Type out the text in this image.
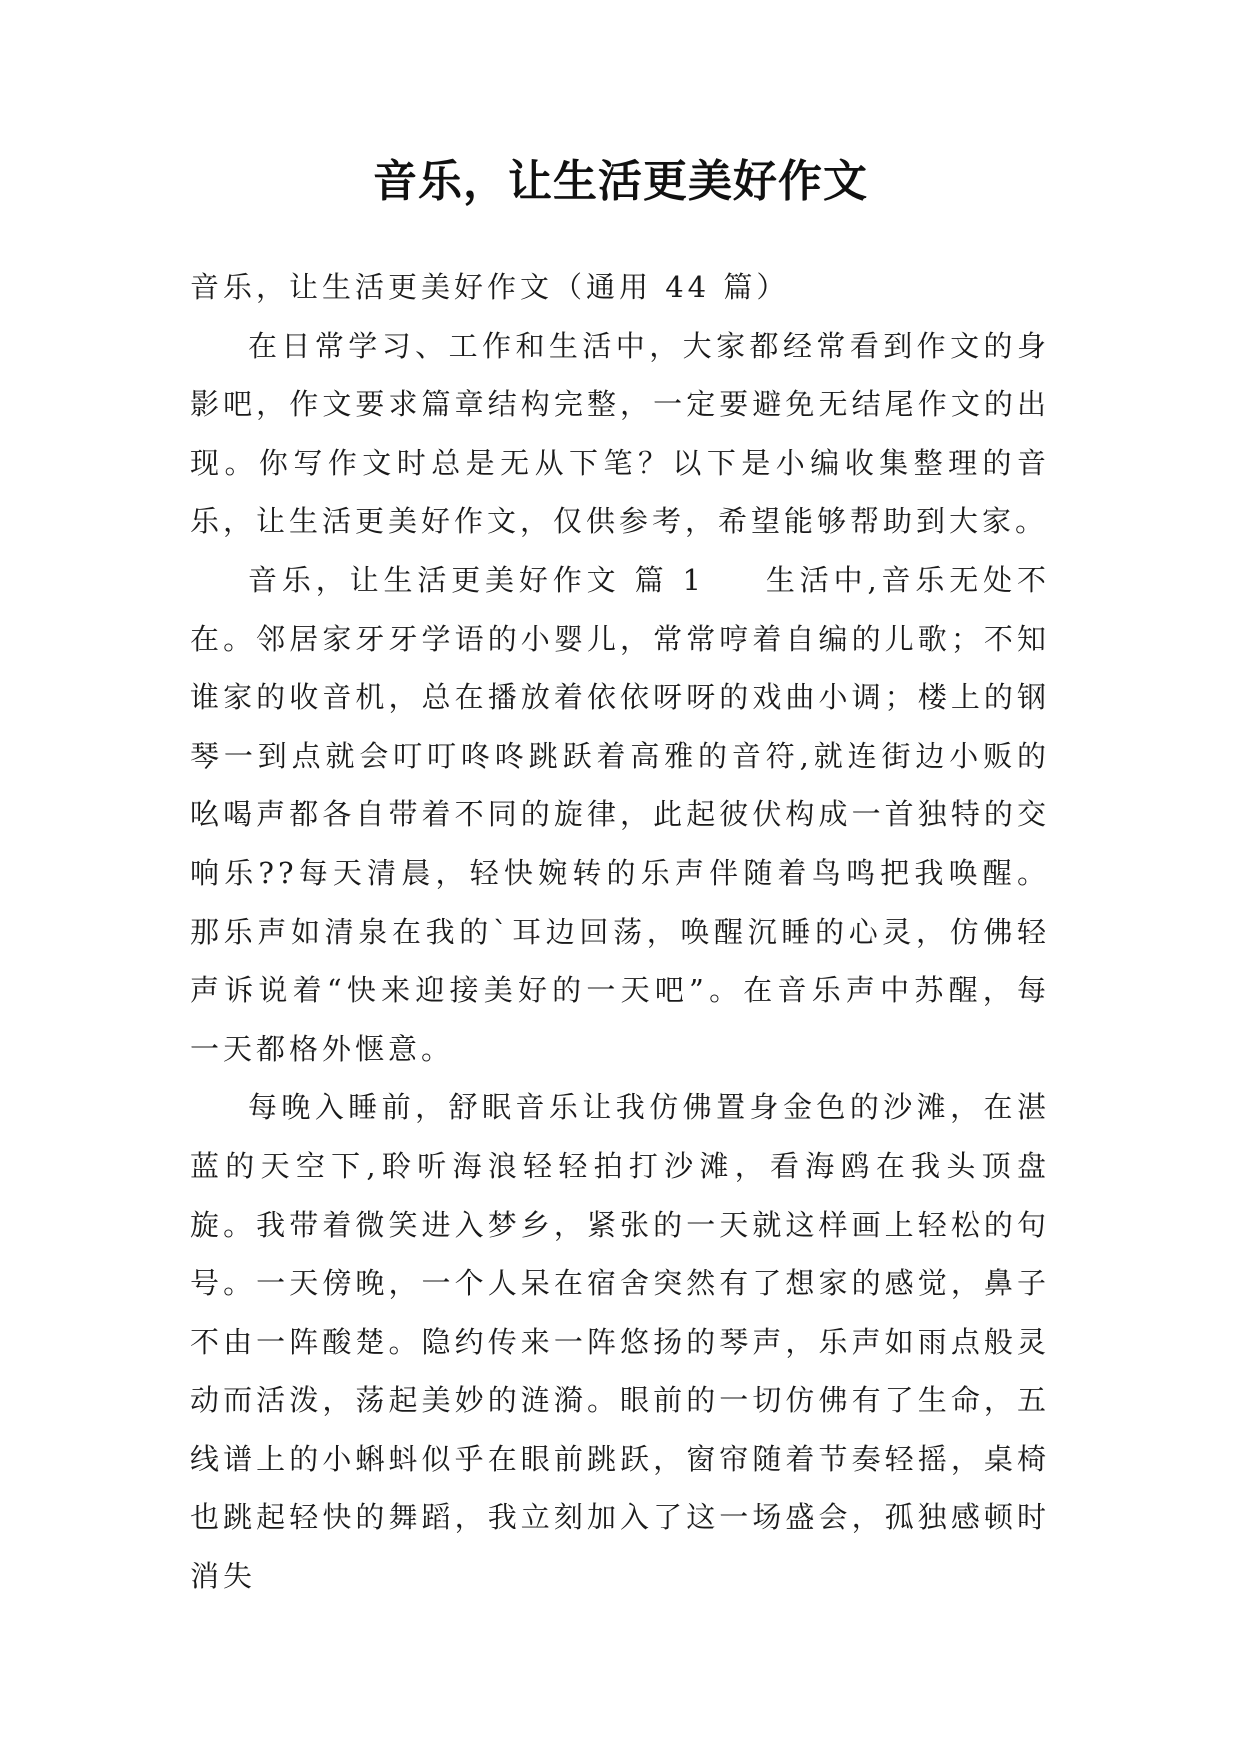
音乐，让生活更美好作文

音乐，让生活更美好作文（通用 44 篇）

在日常学习、工作和生活中，大家都经常看到作文的身影吧，作文要求篇章结构完整，一定要避免无结尾作文的出现。你写作文时总是无从下笔？以下是小编收集整理的音乐，让生活更美好作文，仅供参考，希望能够帮助到大家。

音乐，让生活更美好作文 篇 1 生活中,音乐无处不在。邻居家牙牙学语的小婴儿，常常哼着自编的儿歌；不知谁家的收音机，总在播放着依依呀呀的戏曲小调；楼上的钢琴一到点就会叮叮咚咚跳跃着高雅的音符,就连街边小贩的吆喝声都各自带着不同的旋律，此起彼伏构成一首独特的交响乐??每天清晨，轻快婉转的乐声伴随着鸟鸣把我唤醒。那乐声如清泉在我的`耳边回荡，唤醒沉睡的心灵，仿佛轻声诉说着“快来迎接美好的一天吧”。在音乐声中苏醒，每一天都格外惬意。

每晚入睡前，舒眠音乐让我仿佛置身金色的沙滩，在湛蓝的天空下,聆听海浪轻轻拍打沙滩，看海鸥在我头顶盘旋。我带着微笑进入梦乡，紧张的一天就这样画上轻松的句号。一天傍晚，一个人呆在宿舍突然有了想家的感觉，鼻子不由一阵酸楚。隐约传来一阵悠扬的琴声，乐声如雨点般灵动而活泼，荡起美妙的涟漪。眼前的一切仿佛有了生命，五线谱上的小蝌蚪似乎在眼前跳跃，窗帘随着节奏轻摇，桌椅也跳起轻快的舞蹈，我立刻加入了这一场盛会，孤独感顿时消失
